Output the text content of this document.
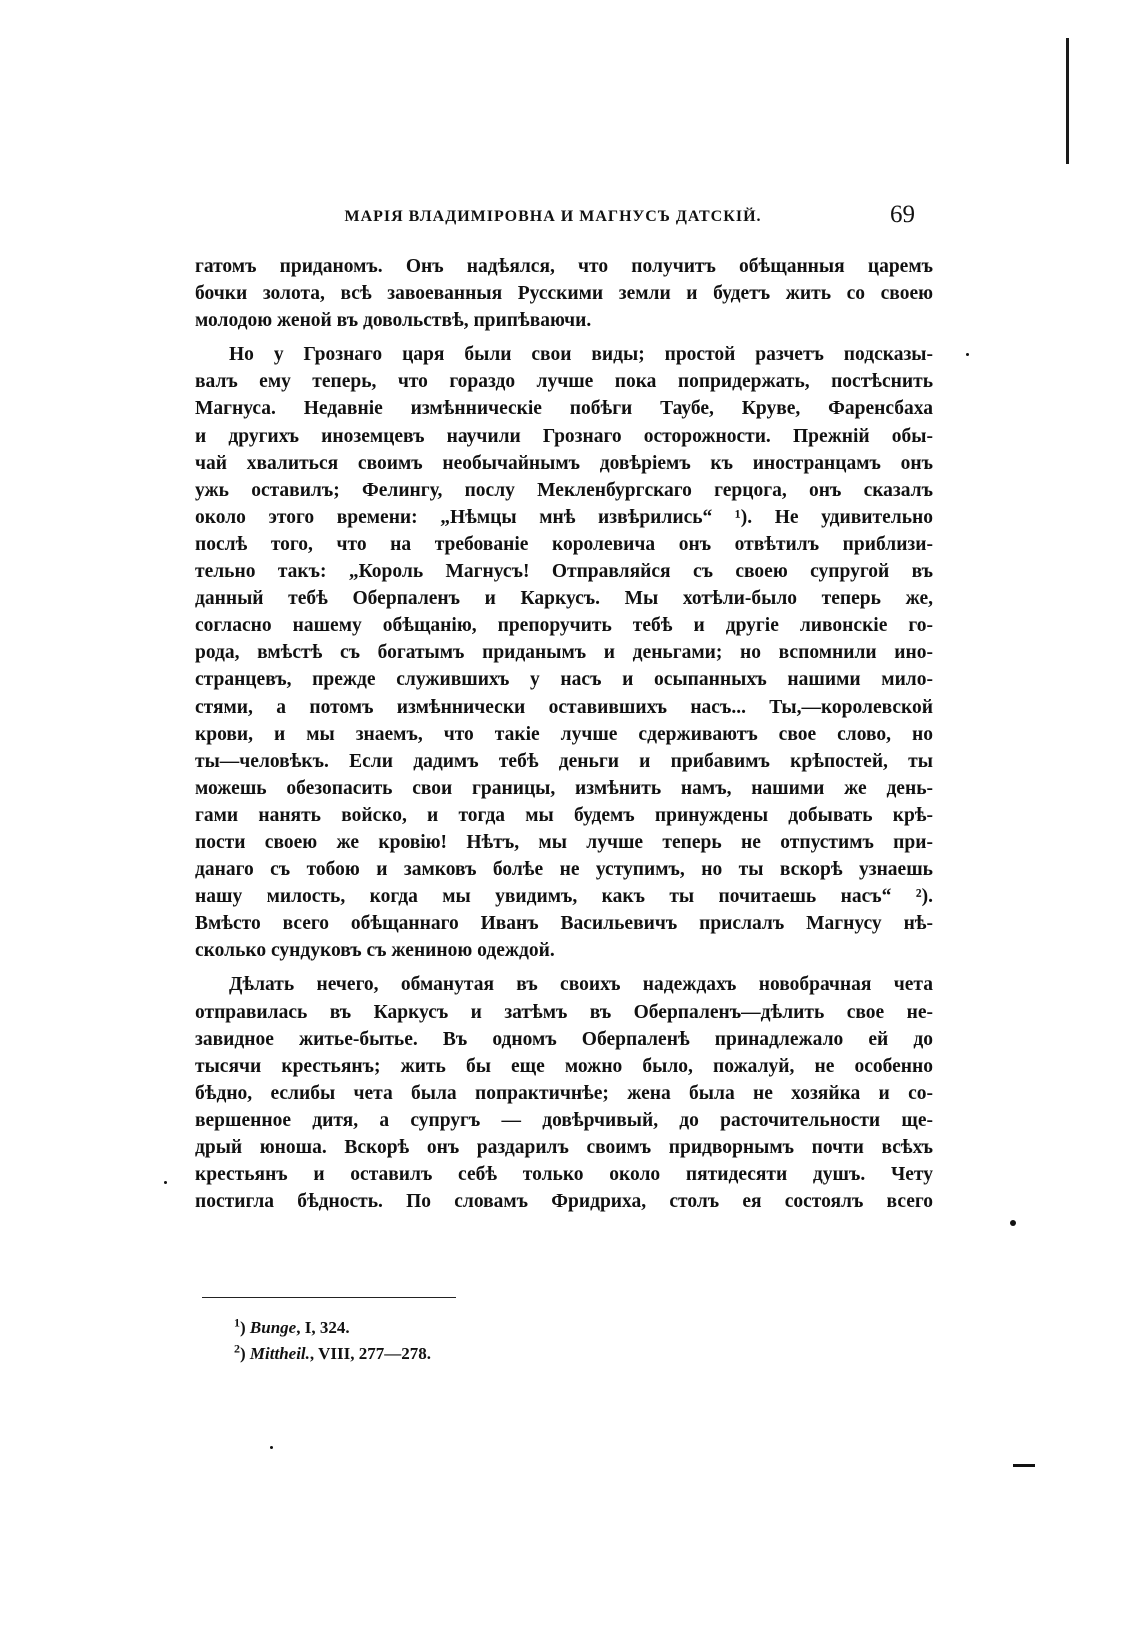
МАРІЯ ВЛАДИМІРОВНА И МАГНУСЪ ДАТСКІЙ.	69
гатомъ приданомъ. Онъ надѣялся, что получитъ обѣщанныя царемъ
бочки золота, всѣ завоеванныя Русскими земли и будетъ жить со своею
молодою женой въ довольствѣ, припѣваючи.
Но у Грознаго царя были свои виды; простой разчетъ подсказы-
валъ ему теперь, что гораздо лучше пока попридержать, постѣснить
Магнуса. Недавніе измѣнническіе побѣги Таубе, Круве, Фаренсбаха
и другихъ иноземцевъ научили Грознаго осторожности. Прежній обы-
чай хвалиться своимъ необычайнымъ довѣріемъ къ иностранцамъ онъ
ужь оставилъ; Фелингу, послу Мекленбургскаго герцога, онъ сказалъ
около этого времени: „Нѣмцы мнѣ извѣрились“ ¹). Не удивительно
послѣ того, что на требованіе королевича онъ отвѣтилъ приблизи-
тельно такъ: „Король Магнусъ! Отправляйся съ своею супругой въ
данный тебѣ Оберпаленъ и Каркусъ. Мы хотѣли-было теперь же,
согласно нашему обѣщанію, препоручить тебѣ и другіе ливонскіе го-
рода, вмѣстѣ съ богатымъ приданымъ и деньгами; но вспомнили ино-
странцевъ, прежде служившихъ у насъ и осыпанныхъ нашими мило-
стями, а потомъ измѣннически оставившихъ насъ... Ты,—королевской
крови, и мы знаемъ, что такіе лучше сдерживаютъ свое слово, но
ты—человѣкъ. Если дадимъ тебѣ деньги и прибавимъ крѣпостей, ты
можешь обезопасить свои границы, измѣнить намъ, нашими же день-
гами нанять войско, и тогда мы будемъ принуждены добывать крѣ-
пости своею же кровію! Нѣтъ, мы лучше теперь не отпустимъ при-
данаго съ тобою и замковъ болѣе не уступимъ, но ты вскорѣ узнаешь
нашу милость, когда мы увидимъ, какъ ты почитаешь насъ“ ²).
Вмѣсто всего обѣщаннаго Иванъ Васильевичъ прислалъ Магнусу нѣ-
сколько сундуковъ съ жениною одеждой.
Дѣлать нечего, обманутая въ своихъ надеждахъ новобрачная чета
отправилась въ Каркусъ и затѣмъ въ Оберпаленъ—дѣлить свое не-
завидное житье-бытье. Въ одномъ Оберпаленѣ принадлежало ей до
тысячи крестьянъ; жить бы еще можно было, пожалуй, не особенно
бѣдно, еслибы чета была попрактичнѣе; жена была не хозяйка и со-
вершенное дитя, а супругъ — довѣрчивый, до расточительности ще-
дрый юноша. Вскорѣ онъ раздарилъ своимъ придворнымъ почти всѣхъ
крестьянъ и оставилъ себѣ только около пятидесяти душъ. Чету
постигла бѣдность. По словамъ Фридриха, столъ ея состоялъ всего
$^1$) Bunge, I, 324.
$^2$) Mittheil., VIII, 277—278.
